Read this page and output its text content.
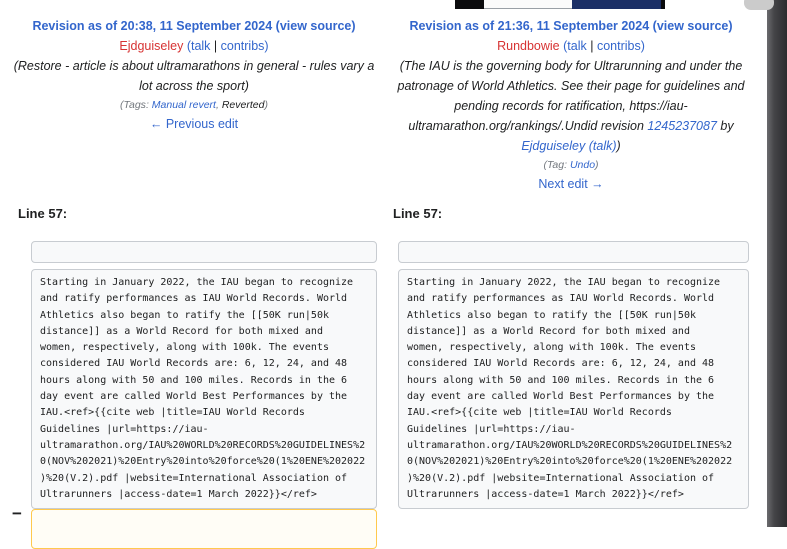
Revision as of 20:38, 11 September 2024 (view source)
Ejdguiseley (talk | contribs)
(Restore - article is about ultramarathons in general - rules vary a lot across the sport)
(Tags: Manual revert, Reverted)
← Previous edit
Revision as of 21:36, 11 September 2024 (view source)
Rundbowie (talk | contribs)
(The IAU is the governing body for Ultrarunning and under the patronage of World Athletics. See their page for guidelines and pending records for ratification, https://iau-ultramarathon.org/rankings/.Undid revision 1245237087 by Ejdguiseley (talk))
(Tag: Undo)
Next edit →
Line 57:	Line 57:
Starting in January 2022, the IAU began to recognize
and ratify performances as IAU World Records. World
Athletics also began to ratify the [[50K run|50k
distance]] as a World Record for both mixed and
women, respectively, along with 100k. The events
considered IAU World Records are: 6, 12, 24, and 48
hours along with 50 and 100 miles. Records in the 6
day event are called World Best Performances by the
IAU.<ref>{{cite web |title=IAU World Records
Guidelines |url=https://iau-
ultramarathon.org/IAU%20WORLD%20RECORDS%20GUIDELINES%2
0(NOV%202021)%20Entry%20into%20force%20(1%20ENE%202022
)%20(V.2).pdf |website=International Association of
Ultrarunners |access-date=1 March 2022}}</ref>
Starting in January 2022, the IAU began to recognize
and ratify performances as IAU World Records. World
Athletics also began to ratify the [[50K run|50k
distance]] as a World Record for both mixed and
women, respectively, along with 100k. The events
considered IAU World Records are: 6, 12, 24, and 48
hours along with 50 and 100 miles. Records in the 6
day event are called World Best Performances by the
IAU.<ref>{{cite web |title=IAU World Records
Guidelines |url=https://iau-
ultramarathon.org/IAU%20WORLD%20RECORDS%20GUIDELINES%2
0(NOV%202021)%20Entry%20into%20force%20(1%20ENE%202022
)%20(V.2).pdf |website=International Association of
Ultrarunners |access-date=1 March 2022}}</ref>
−
